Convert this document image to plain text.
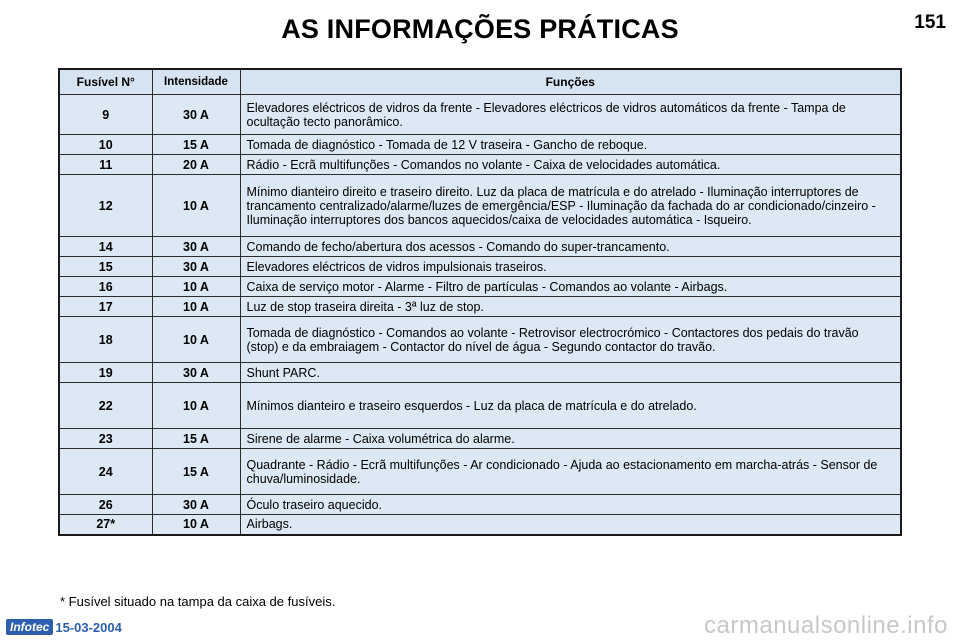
AS INFORMAÇÕES PRÁTICAS	151
Fusível N°	Intensidade	Funções
9	30 A	Elevadores eléctricos de vidros da frente - Elevadores eléctricos de vidros automáticos da frente - Tampa de ocultação tecto panorâmico.
10	15 A	Tomada de diagnóstico - Tomada de 12 V traseira - Gancho de reboque.
11	20 A	Rádio - Ecrã multifunções - Comandos no volante - Caixa de velocidades automática.
12	10 A	Mínimo dianteiro direito e traseiro direito. Luz da placa de matrícula e do atrelado - Iluminação interruptores de trancamento centralizado/alarme/luzes de emergência/ESP - Iluminação da fachada do ar condicionado/cinzeiro - Iluminação interruptores dos bancos aquecidos/caixa de velocidades automática - Isqueiro.
14	30 A	Comando de fecho/abertura dos acessos - Comando do super-trancamento.
15	30 A	Elevadores eléctricos de vidros impulsionais traseiros.
16	10 A	Caixa de serviço motor - Alarme - Filtro de partículas - Comandos ao volante - Airbags.
17	10 A	Luz de stop traseira direita - 3ª luz de stop.
18	10 A	Tomada de diagnóstico - Comandos ao volante - Retrovisor electrocrómico - Contactores dos pedais do travão (stop) e da embraiagem - Contactor do nível de água - Segundo contactor do travão.
19	30 A	Shunt PARC.
22	10 A	Mínimos dianteiro e traseiro esquerdos - Luz da placa de matrícula e do atrelado.
23	15 A	Sirene de alarme - Caixa volumétrica do alarme.
24	15 A	Quadrante - Rádio - Ecrã multifunções - Ar condicionado - Ajuda ao estacionamento em marcha-atrás - Sensor de chuva/luminosidade.
26	30 A	Óculo traseiro aquecido.
27*	10 A	Airbags.
* Fusível situado na tampa da caixa de fusíveis.
Infotec 15-03-2004	carmanualsonline.info
